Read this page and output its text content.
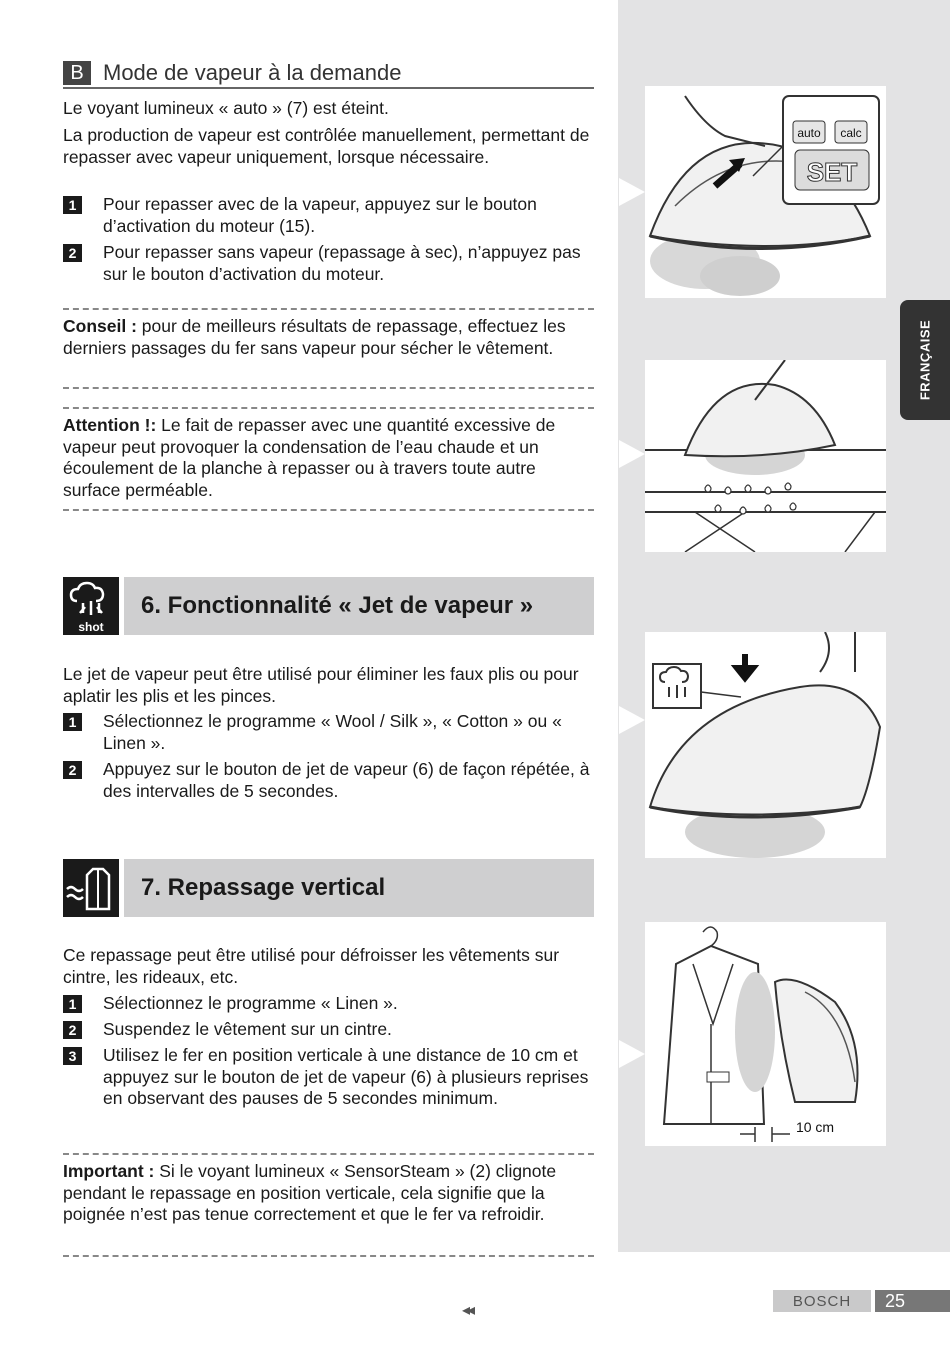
FRANÇAISE
B Mode de vapeur à la demande
Le voyant lumineux « auto » (7) est éteint.
La production de vapeur est contrôlée manuellement, permettant de repasser avec vapeur uniquement, lorsque nécessaire.
1	Pour repasser avec de la vapeur, appuyez sur le bouton d’activation du moteur (15).
2	Pour repasser sans vapeur (repassage à sec), n’appuyez pas sur le bouton d’activation du moteur.
Conseil : pour de meilleurs résultats de repassage, effectuez les derniers passages du fer sans vapeur pour sécher le vêtement.
Attention !: Le fait de repasser avec une quantité excessive de vapeur peut provoquer la condensation de l’eau chaude et un écoulement de la planche à repasser ou à travers toute autre surface perméable.
shot
6. Fonctionnalité « Jet de vapeur »
Le jet de vapeur peut être utilisé pour éliminer les faux plis ou pour aplatir les plis et les pinces.
1	Sélectionnez le programme « Wool / Silk », « Cotton » ou « Linen ».
2	Appuyez sur le bouton de jet de vapeur (6) de façon répétée, à des intervalles de 5 secondes.
7. Repassage vertical
Ce repassage peut être utilisé pour défroisser les vêtements sur cintre, les rideaux, etc.
1	Sélectionnez le programme « Linen ».
2	Suspendez le vêtement sur un cintre.
3	Utilisez le fer en position verticale à une distance de 10 cm et appuyez sur le bouton de jet de vapeur (6) à plusieurs reprises en observant des pauses de 5 secondes minimum.
Important : Si le voyant lumineux « SensorSteam » (2) clignote pendant le repassage en position verticale, cela signifie que la poignée n’est pas tenue correctement et que le fer va refroidir.
auto calc
SET
10 cm
◂◂
BOSCH	25
